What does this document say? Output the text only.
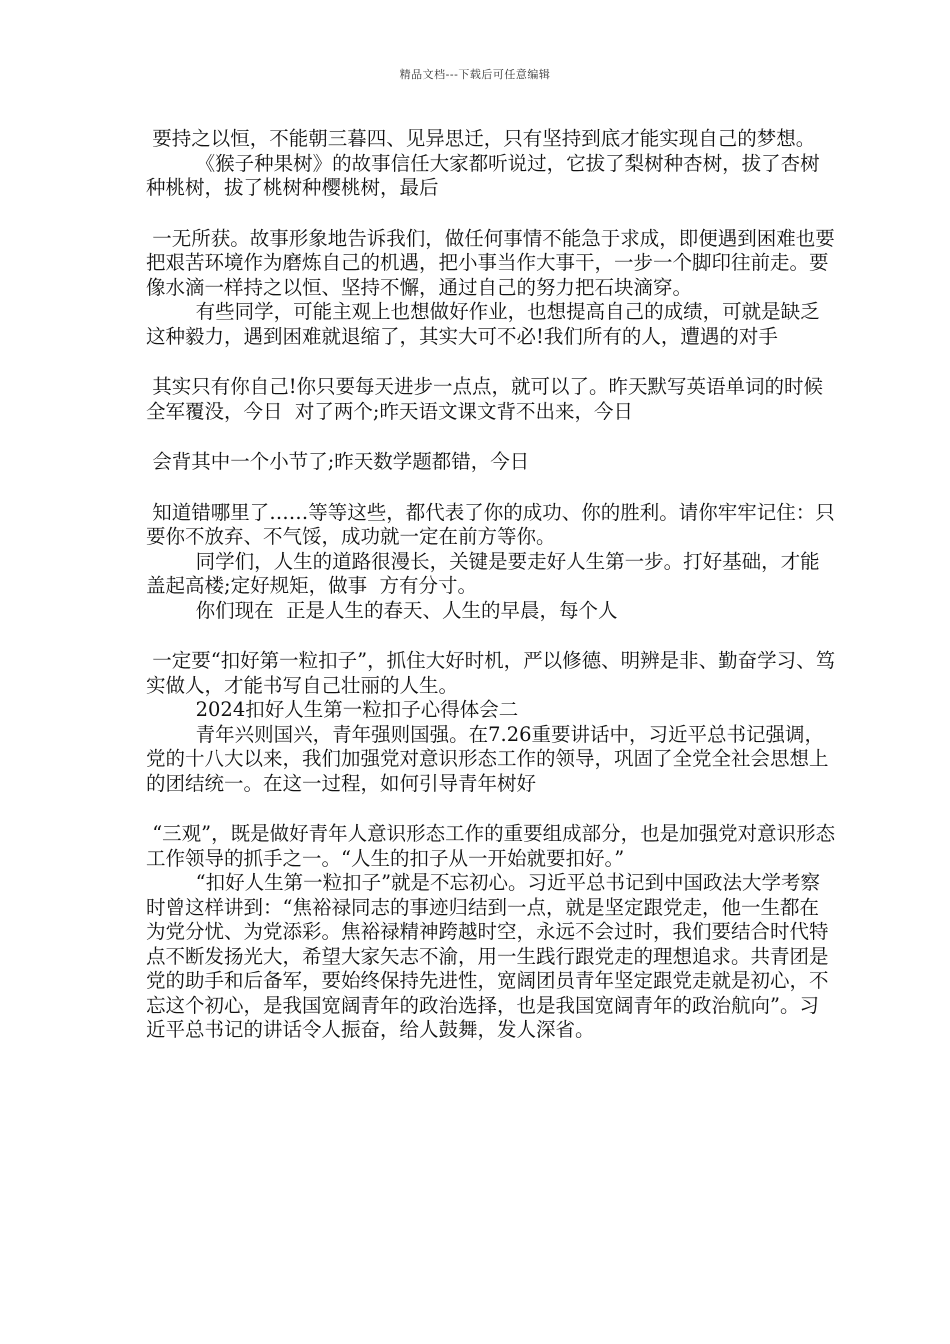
精品文档---下载后可任意编辑

要持之以恒，不能朝三暮四、见异思迁，只有坚持到底才能实现自己的梦想。

《猴子种果树》的故事信任大家都听说过，它拔了梨树种杏树，拔了杏树种桃树，拔了桃树种樱桃树，最后

一无所获。故事形象地告诉我们，做任何事情不能急于求成，即便遇到困难也要把艰苦环境作为磨炼自己的机遇，把小事当作大事干，一步一个脚印往前走。要像水滴一样持之以恒、坚持不懈，通过自己的努力把石块滴穿。

有些同学，可能主观上也想做好作业，也想提高自己的成绩，可就是缺乏这种毅力，遇到困难就退缩了，其实大可不必!我们所有的人，遭遇的对手

其实只有你自己!你只要每天进步一点点，就可以了。昨天默写英语单词的时候全军覆没，今日  对了两个;昨天语文课文背不出来，今日

会背其中一个小节了;昨天数学题都错，今日

知道错哪里了……等等这些，都代表了你的成功、你的胜利。请你牢牢记住：只要你不放弃、不气馁，成功就一定在前方等你。

同学们，人生的道路很漫长，关键是要走好人生第一步。打好基础，才能  盖起高楼;定好规矩，做事  方有分寸。

你们现在  正是人生的春天、人生的早晨，每个人

一定要“扣好第一粒扣子”，抓住大好时机，严以修德、明辨是非、勤奋学习、笃实做人，才能书写自己壮丽的人生。

2024扣好人生第一粒扣子心得体会二

青年兴则国兴，青年强则国强。在7.26重要讲话中，习近平总书记强调，党的十八大以来，我们加强党对意识形态工作的领导，巩固了全党全社会思想上的团结统一。在这一过程，如何引导青年树好

“三观”，既是做好青年人意识形态工作的重要组成部分，也是加强党对意识形态工作领导的抓手之一。“人生的扣子从一开始就要扣好。”

“扣好人生第一粒扣子”就是不忘初心。习近平总书记到中国政法大学考察时曾这样讲到：“焦裕禄同志的事迹归结到一点，就是坚定跟党走，他一生都在为党分忧、为党添彩。焦裕禄精神跨越时空，永远不会过时，我们要结合时代特点不断发扬光大，希望大家矢志不渝，用一生践行跟党走的理想追求。共青团是党的助手和后备军，要始终保持先进性，宽阔团员青年坚定跟党走就是初心，不忘这个初心，是我国宽阔青年的政治选择，也是我国宽阔青年的政治航向”。习近平总书记的讲话令人振奋，给人鼓舞，发人深省。
